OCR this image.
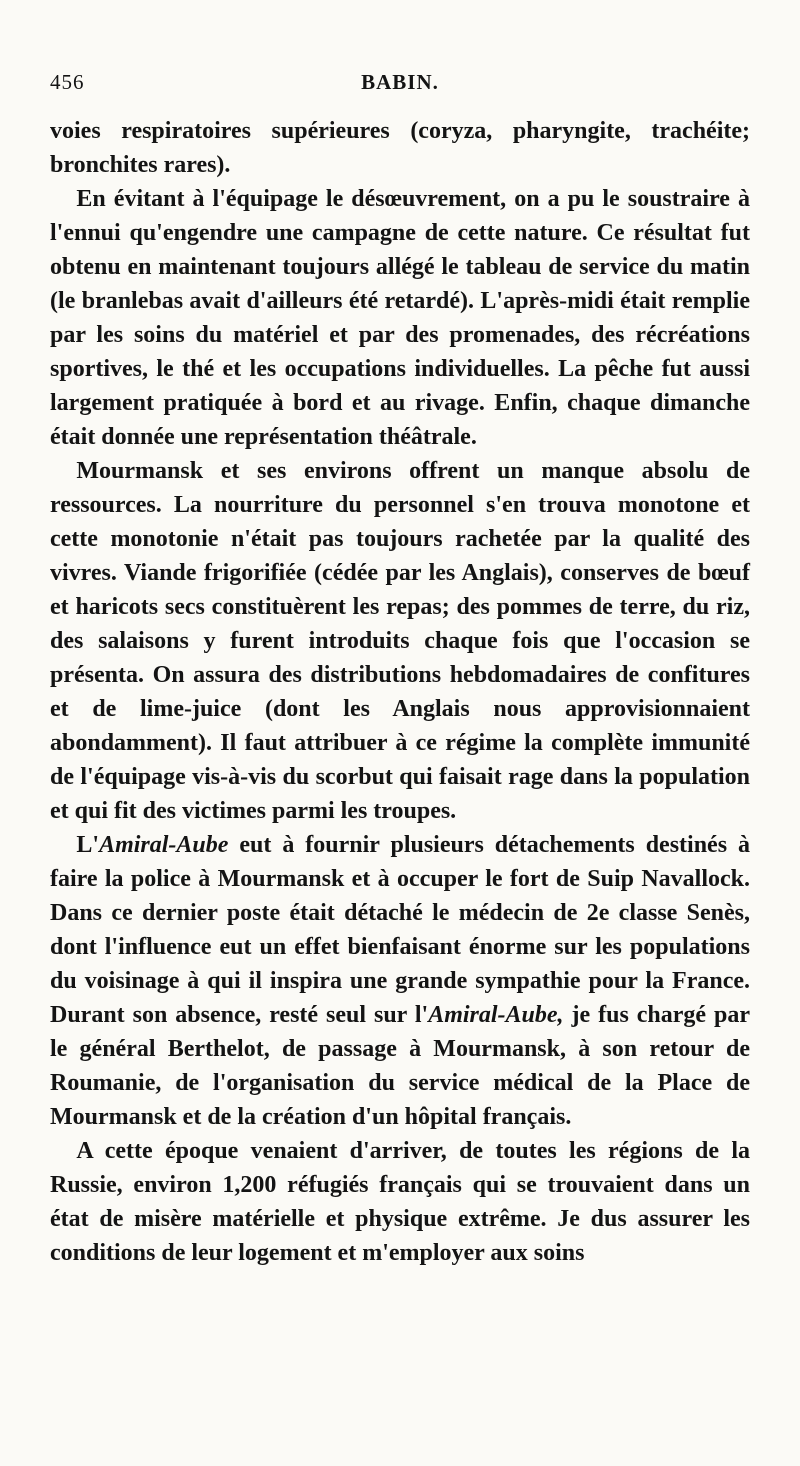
456	BABIN.

voies respiratoires supérieures (coryza, pharyngite, trachéite; bronchites rares).

En évitant à l'équipage le désœuvrement, on a pu le soustraire à l'ennui qu'engendre une campagne de cette nature. Ce résultat fut obtenu en maintenant toujours allégé le tableau de service du matin (le branlebas avait d'ailleurs été retardé). L'après-midi était remplie par les soins du matériel et par des promenades, des récréations sportives, le thé et les occupations individuelles. La pêche fut aussi largement pratiquée à bord et au rivage. Enfin, chaque dimanche était donnée une représentation théâtrale.

Mourmansk et ses environs offrent un manque absolu de ressources. La nourriture du personnel s'en trouva monotone et cette monotonie n'était pas toujours rachetée par la qualité des vivres. Viande frigorifiée (cédée par les Anglais), conserves de bœuf et haricots secs constituèrent les repas; des pommes de terre, du riz, des salaisons y furent introduits chaque fois que l'occasion se présenta. On assura des distributions hebdomadaires de confitures et de lime-juice (dont les Anglais nous approvisionnaient abondamment). Il faut attribuer à ce régime la complète immunité de l'équipage vis-à-vis du scorbut qui faisait rage dans la population et qui fit des victimes parmi les troupes.

L'Amiral-Aube eut à fournir plusieurs détachements destinés à faire la police à Mourmansk et à occuper le fort de Suip Navallock. Dans ce dernier poste était détaché le médecin de 2e classe Senès, dont l'influence eut un effet bienfaisant énorme sur les populations du voisinage à qui il inspira une grande sympathie pour la France. Durant son absence, resté seul sur l'Amiral-Aube, je fus chargé par le général Berthelot, de passage à Mourmansk, à son retour de Roumanie, de l'organisation du service médical de la Place de Mourmansk et de la création d'un hôpital français.

A cette époque venaient d'arriver, de toutes les régions de la Russie, environ 1,200 réfugiés français qui se trouvaient dans un état de misère matérielle et physique extrême. Je dus assurer les conditions de leur logement et m'employer aux soins
